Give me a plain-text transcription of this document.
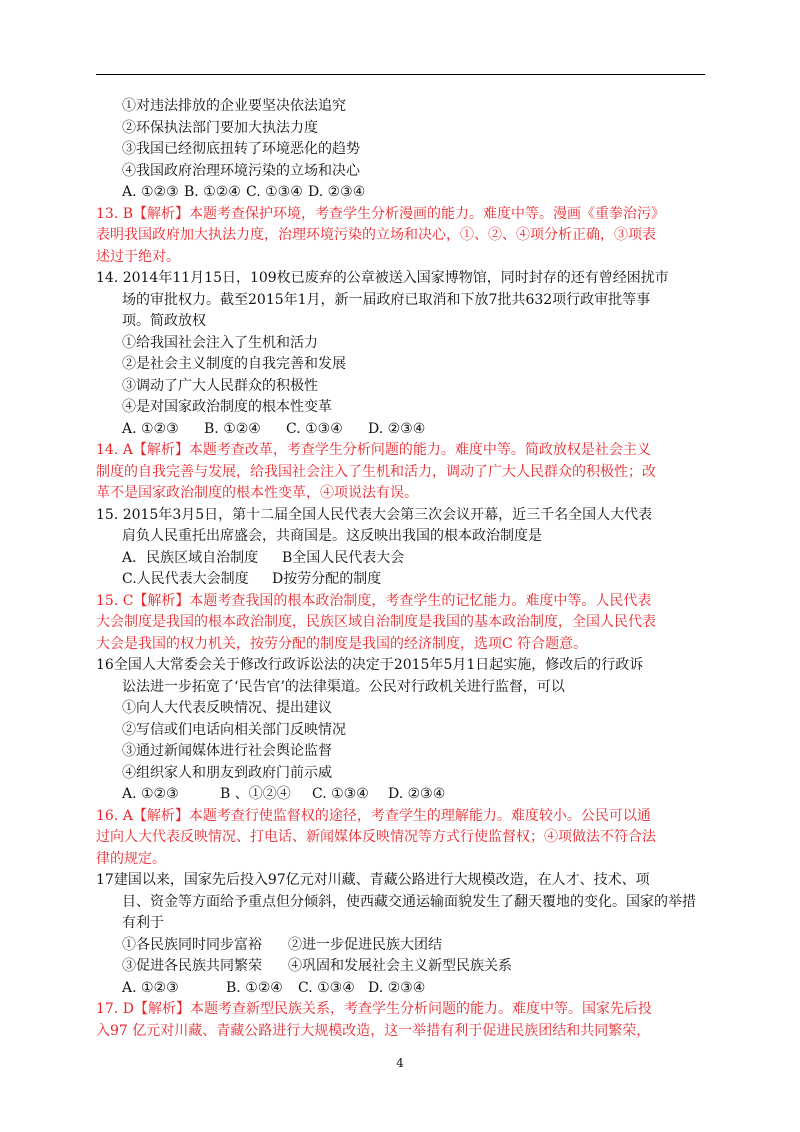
①对违法排放的企业要坚决依法追究
②环保执法部门要加大执法力度
③我国已经彻底扭转了环境恶化的趋势
④我国政府治理环境污染的立场和决心
A. ①②③ B. ①②④ C. ①③④ D. ②③④
13. B【解析】本题考查保护环境，考查学生分析漫画的能力。难度中等。漫画《重拳治污》
表明我国政府加大执法力度，治理环境污染的立场和决心，①、②、④项分析正确，③项表
述过于绝对。
14. 2014年11月15日，109枚已废弃的公章被送入国家博物馆，同时封存的还有曾经困扰市
场的审批权力。截至2015年1月，新一届政府已取消和下放7批共632项行政审批等事
项。简政放权
①给我国社会注入了生机和活力
②是社会主义制度的自我完善和发展
③调动了广大人民群众的积极性
④是对国家政治制度的根本性变革
A. ①②③ B. ①②④ C. ①③④ D. ②③④
14. A【解析】本题考查改革，考查学生分析问题的能力。难度中等。简政放权是社会主义
制度的自我完善与发展，给我国社会注入了生机和活力，调动了广大人民群众的积极性；改
革不是国家政治制度的根本性变革，④项说法有误。
15. 2015年3月5日，第十二届全国人民代表大会第三次会议开幕，近三千名全国人大代表
肩负人民重托出席盛会，共商国是。这反映出我国的根本政治制度是
A．民族区域自治制度 B全国人民代表大会
C.人民代表大会制度 D按劳分配的制度
15. C【解析】本题考查我国的根本政治制度，考查学生的记忆能力。难度中等。人民代表
大会制度是我国的根本政治制度，民族区域自治制度是我国的基本政治制度，全国人民代表
大会是我国的权力机关，按劳分配的制度是我国的经济制度，选项C 符合题意。
16全国人大常委会关于修改行政诉讼法的决定于2015年5月1日起实施，修改后的行政诉
讼法进一步拓宽了‘民告官’的法律渠道。公民对行政机关进行监督，可以
①向人大代表反映情况、提出建议
②写信或们电话向相关部门反映情况
③通过新闻媒体进行社会舆论监督
④组织家人和朋友到政府门前示威
A. ①②③	B 、①②④ C. ①③④ D. ②③④
16. A【解析】本题考查行使监督权的途径，考查学生的理解能力。难度较小。公民可以通
过向人大代表反映情况、打电话、新闻媒体反映情况等方式行使监督权；④项做法不符合法
律的规定。
17建国以来，国家先后投入97亿元对川藏、青藏公路进行大规模改造，在人才、技术、项
目、资金等方面给予重点但分倾斜，使西藏交通运输面貌发生了翻天覆地的变化。国家的举措
有利于
①各民族同时同步富裕 ②进一步促进民族大团结
③促进各民族共同繁荣 ④巩固和发展社会主义新型民族关系
A. ①②③	B. ①②④ C. ①③④ D. ②③④
17. D【解析】本题考查新型民族关系，考查学生分析问题的能力。难度中等。国家先后投
入97 亿元对川藏、青藏公路进行大规模改造，这一举措有利于促进民族团结和共同繁荣，
4
